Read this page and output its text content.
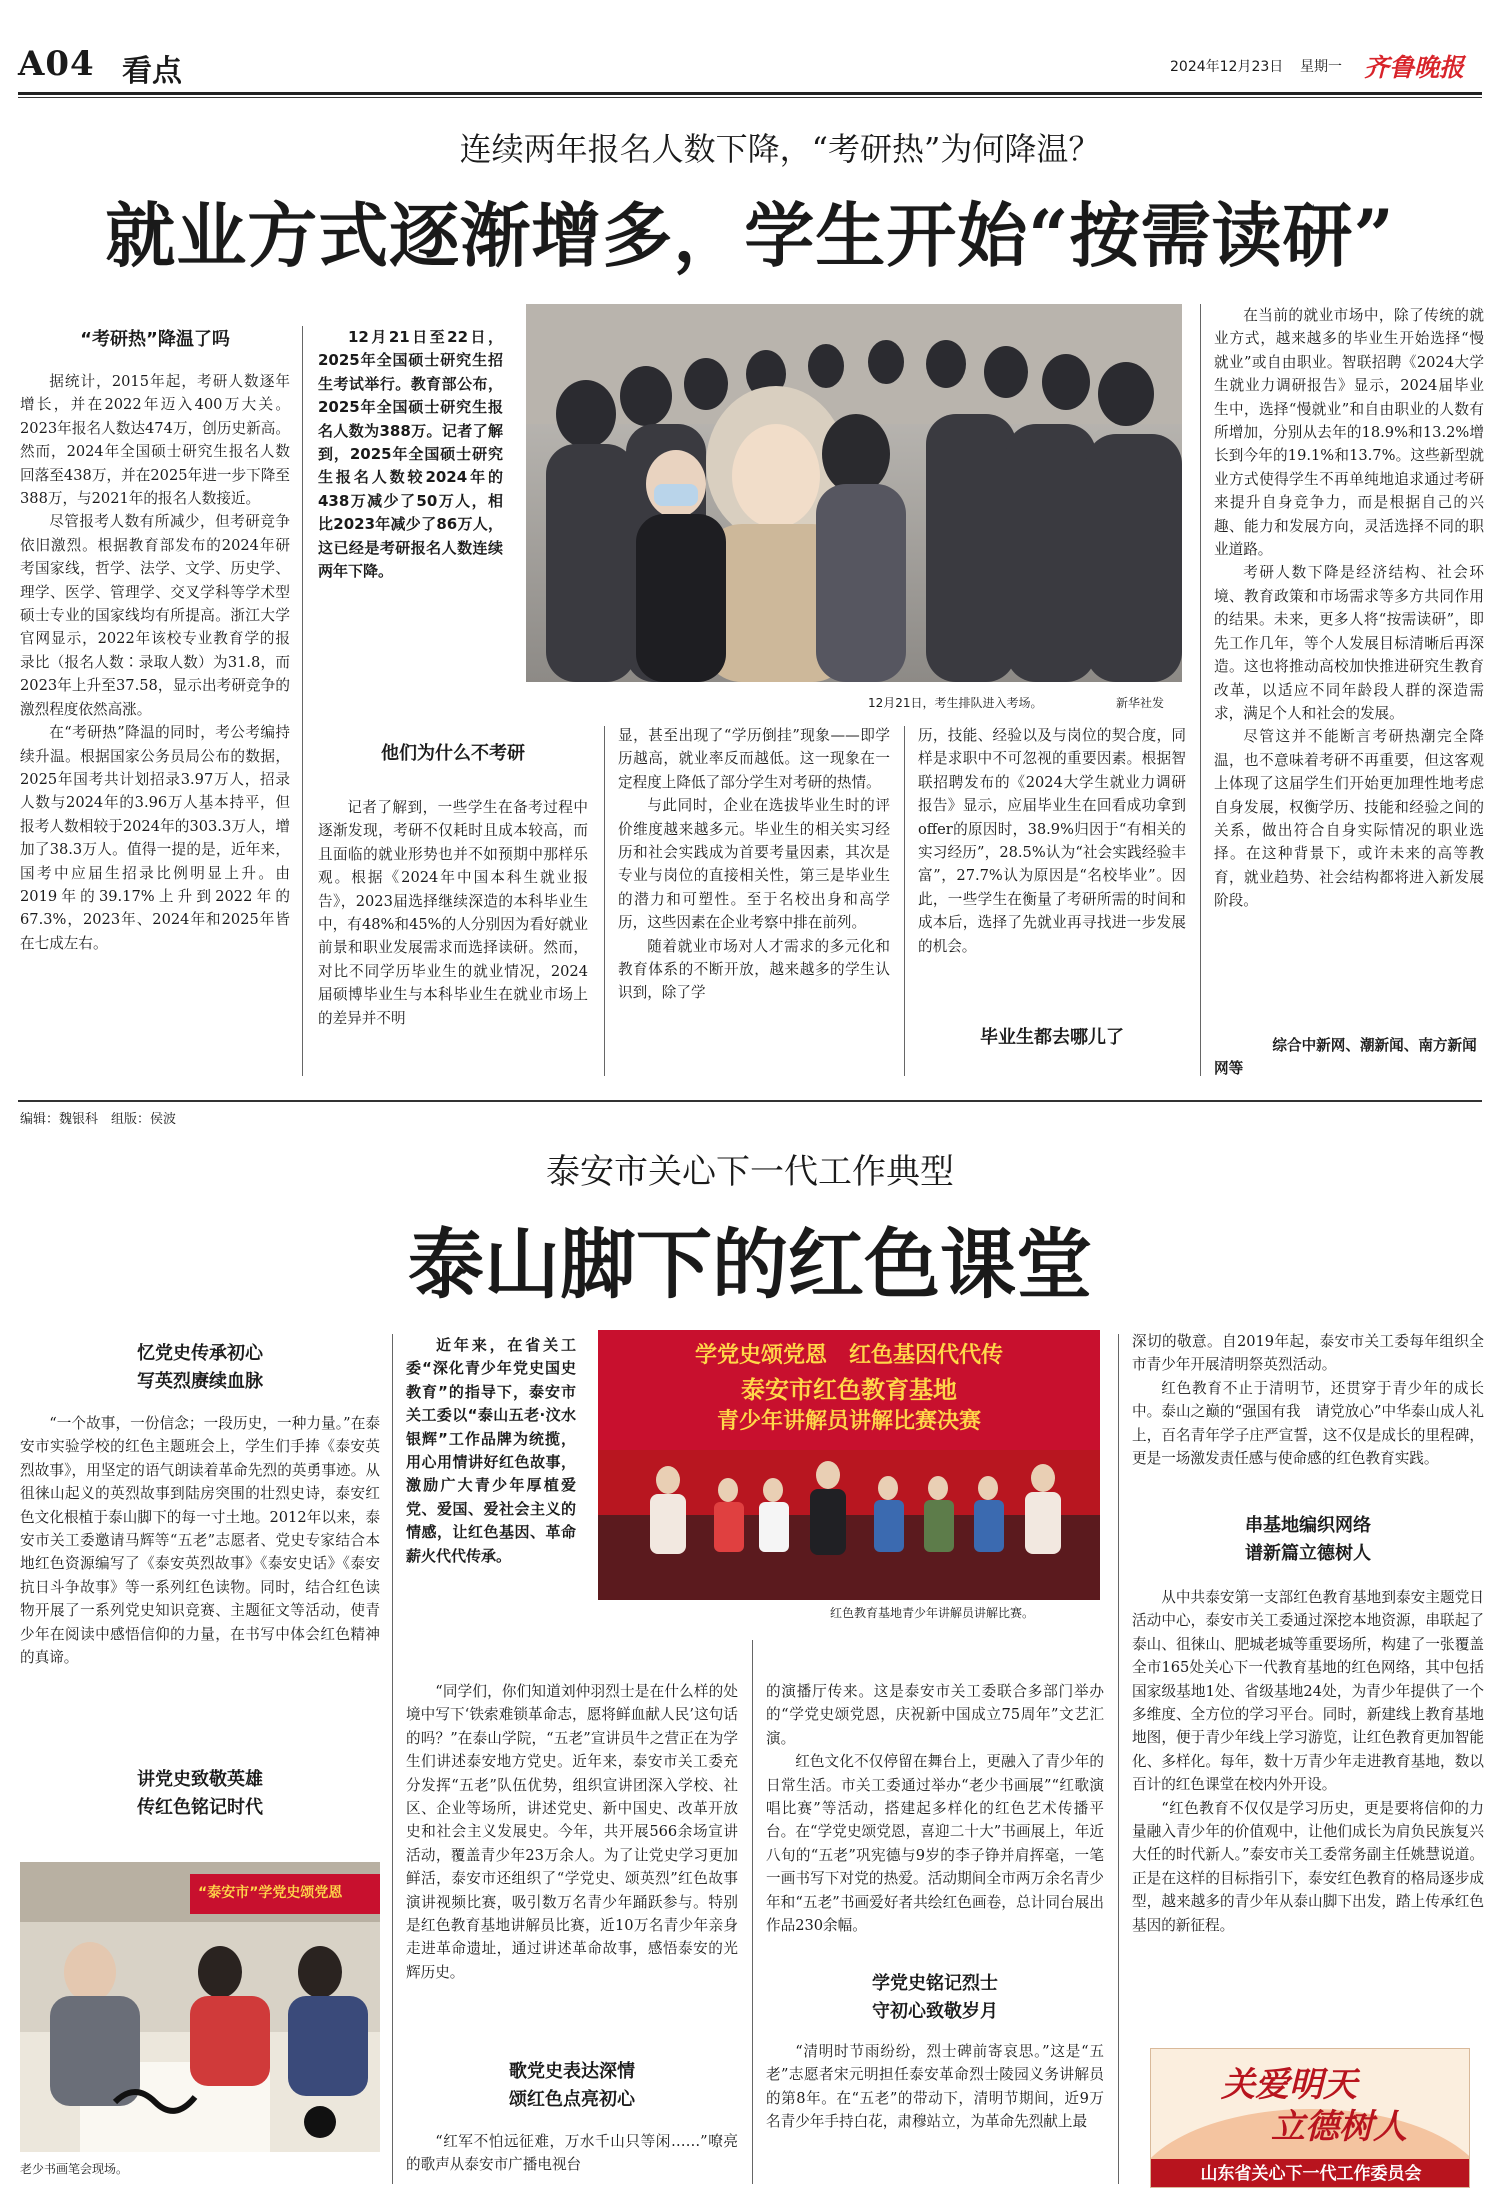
A04 看点	2024年12月23日 星期一 齐鲁晚报
连续两年报名人数下降，“考研热”为何降温？
就业方式逐渐增多，学生开始“按需读研”
“考研热”降温了吗

据统计，2015年起，考研人数逐年增长，并在2022年迈入400万大关。2023年报名人数达474万，创历史新高。然而，2024年全国硕士研究生报名人数回落至438万，并在2025年进一步下降至388万，与2021年的报名人数接近。

尽管报考人数有所减少，但考研竞争依旧激烈。根据教育部发布的2024年研考国家线，哲学、法学、文学、历史学、理学、医学、管理学、交叉学科等学术型硕士专业的国家线均有所提高。浙江大学官网显示，2022年该校专业教育学的报录比（报名人数∶录取人数）为31.8，而2023年上升至37.58，显示出考研竞争的激烈程度依然高涨。

在“考研热”降温的同时，考公考编持续升温。根据国家公务员局公布的数据，2025年国考共计划招录3.97万人，招录人数与2024年的3.96万人基本持平，但报考人数相较于2024年的303.3万人，增加了38.3万人。值得一提的是，近年来，国考中应届生招录比例明显上升。由2019年的39.17%上升到2022年的67.3%，2023年、2024年和2025年皆在七成左右。

12月21日至22日，2025年全国硕士研究生招生考试举行。教育部公布，2025年全国硕士研究生报名人数为388万。记者了解到，2025年全国硕士研究生报名人数较2024年的438万减少了50万人，相比2023年减少了86万人，这已经是考研报名人数连续两年下降。

12月21日，考生排队进入考场。	新华社发
他们为什么不考研

记者了解到，一些学生在备考过程中逐渐发现，考研不仅耗时且成本较高，而且面临的就业形势也并不如预期中那样乐观。根据《2024年中国本科生就业报告》，2023届选择继续深造的本科毕业生中，有48%和45%的人分别因为看好就业前景和职业发展需求而选择读研。然而，对比不同学历毕业生的就业情况，2024届硕博毕业生与本科毕业生在就业市场上的差异并不明

显，甚至出现了“学历倒挂”现象——即学历越高，就业率反而越低。这一现象在一定程度上降低了部分学生对考研的热情。

与此同时，企业在选拔毕业生时的评价维度越来越多元。毕业生的相关实习经历和社会实践成为首要考量因素，其次是专业与岗位的直接相关性，第三是毕业生的潜力和可塑性。至于名校出身和高学历，这些因素在企业考察中排在前列。

随着就业市场对人才需求的多元化和教育体系的不断开放，越来越多的学生认识到，除了学

历，技能、经验以及与岗位的契合度，同样是求职中不可忽视的重要因素。根据智联招聘发布的《2024大学生就业力调研报告》显示，应届毕业生在回看成功拿到offer的原因时，38.9%归因于“有相关的实习经历”，28.5%认为“社会实践经验丰富”，27.7%认为原因是“名校毕业”。因此，一些学生在衡量了考研所需的时间和成本后，选择了先就业再寻找进一步发展的机会。

毕业生都去哪儿了

在当前的就业市场中，除了传统的就业方式，越来越多的毕业生开始选择“慢就业”或自由职业。智联招聘《2024大学生就业力调研报告》显示，2024届毕业生中，选择“慢就业”和自由职业的人数有所增加，分别从去年的18.9%和13.2%增长到今年的19.1%和13.7%。这些新型就业方式使得学生不再单纯地追求通过考研来提升自身竞争力，而是根据自己的兴趣、能力和发展方向，灵活选择不同的职业道路。

考研人数下降是经济结构、社会环境、教育政策和市场需求等多方共同作用的结果。未来，更多人将“按需读研”，即先工作几年，等个人发展目标清晰后再深造。这也将推动高校加快推进研究生教育改革，以适应不同年龄段人群的深造需求，满足个人和社会的发展。

尽管这并不能断言考研热潮完全降温，也不意味着考研不再重要，但这客观上体现了这届学生们开始更加理性地考虑自身发展，权衡学历、技能和经验之间的关系，做出符合自身实际情况的职业选择。在这种背景下，或许未来的高等教育，就业趋势、社会结构都将进入新发展阶段。

综合中新网、潮新闻、南方新闻网等
编辑：魏银科　组版：侯波
泰安市关心下一代工作典型
泰山脚下的红色课堂
忆党史传承初心
写英烈赓续血脉

“一个故事，一份信念；一段历史，一种力量。”在泰安市实验学校的红色主题班会上，学生们手捧《泰安英烈故事》，用坚定的语气朗读着革命先烈的英勇事迹。从徂徕山起义的英烈故事到陆房突围的壮烈史诗，泰安红色文化根植于泰山脚下的每一寸土地。2012年以来，泰安市关工委邀请马辉等“五老”志愿者、党史专家结合本地红色资源编写了《泰安英烈故事》《泰安史话》《泰安抗日斗争故事》等一系列红色读物。同时，结合红色读物开展了一系列党史知识竞赛、主题征文等活动，使青少年在阅读中感悟信仰的力量，在书写中体会红色精神的真谛。

讲党史致敬英雄
传红色铭记时代
“泰安市”学党史颂党恩
老少书画笔会现场。

近年来，在省关工委“深化青少年党史国史教育”的指导下，泰安市关工委以“泰山五老·汶水银辉”工作品牌为统揽，用心用情讲好红色故事，激励广大青少年厚植爱党、爱国、爱社会主义的情感，让红色基因、革命薪火代代传承。

学党史颂党恩　红色基因代代传
泰安市红色教育基地
青少年讲解员讲解比赛决赛
红色教育基地青少年讲解员讲解比赛。

“同学们，你们知道刘仲羽烈士是在什么样的处境中写下‘铁索难锁革命志，愿将鲜血献人民’这句话的吗？”在泰山学院，“五老”宣讲员牛之营正在为学生们讲述泰安地方党史。近年来，泰安市关工委充分发挥“五老”队伍优势，组织宣讲团深入学校、社区、企业等场所，讲述党史、新中国史、改革开放史和社会主义发展史。今年，共开展566余场宣讲活动，覆盖青少年23万余人。为了让党史学习更加鲜活，泰安市还组织了“学党史、颂英烈”红色故事演讲视频比赛，吸引数万名青少年踊跃参与。特别是红色教育基地讲解员比赛，近10万名青少年亲身走进革命遗址，通过讲述革命故事，感悟泰安的光辉历史。

歌党史表达深情
颂红色点亮初心

“红军不怕远征难，万水千山只等闲……”嘹亮的歌声从泰安市广播电视台

的演播厅传来。这是泰安市关工委联合多部门举办的“学党史颂党恩，庆祝新中国成立75周年”文艺汇演。

红色文化不仅停留在舞台上，更融入了青少年的日常生活。市关工委通过举办“老少书画展”“红歌演唱比赛”等活动，搭建起多样化的红色艺术传播平台。在“学党史颂党恩，喜迎二十大”书画展上，年近八旬的“五老”巩宪德与9岁的李子铮并肩挥毫，一笔一画书写下对党的热爱。活动期间全市两万余名青少年和“五老”书画爱好者共绘红色画卷，总计同台展出作品230余幅。

学党史铭记烈士
守初心致敬岁月

“清明时节雨纷纷，烈士碑前寄哀思。”这是“五老”志愿者宋元明担任泰安革命烈士陵园义务讲解员的第8年。在“五老”的带动下，清明节期间，近9万名青少年手持白花，肃穆站立，为革命先烈献上最

深切的敬意。自2019年起，泰安市关工委每年组织全市青少年开展清明祭英烈活动。

红色教育不止于清明节，还贯穿于青少年的成长中。泰山之巅的“强国有我　请党放心”中华泰山成人礼上，百名青年学子庄严宣誓，这不仅是成长的里程碑，更是一场激发责任感与使命感的红色教育实践。

串基地编织网络
谱新篇立德树人

从中共泰安第一支部红色教育基地到泰安主题党日活动中心，泰安市关工委通过深挖本地资源，串联起了泰山、徂徕山、肥城老城等重要场所，构建了一张覆盖全市165处关心下一代教育基地的红色网络，其中包括国家级基地1处、省级基地24处，为青少年提供了一个多维度、全方位的学习平台。同时，新建线上教育基地地图，便于青少年线上学习游览，让红色教育更加智能化、多样化。每年，数十万青少年走进教育基地，数以百计的红色课堂在校内外开设。

“红色教育不仅仅是学习历史，更是要将信仰的力量融入青少年的价值观中，让他们成长为肩负民族复兴大任的时代新人。”泰安市关工委常务副主任姚慧说道。正是在这样的目标指引下，泰安红色教育的格局逐步成型，越来越多的青少年从泰山脚下出发，踏上传承红色基因的新征程。

关爱明天
立德树人
山东省关心下一代工作委员会
